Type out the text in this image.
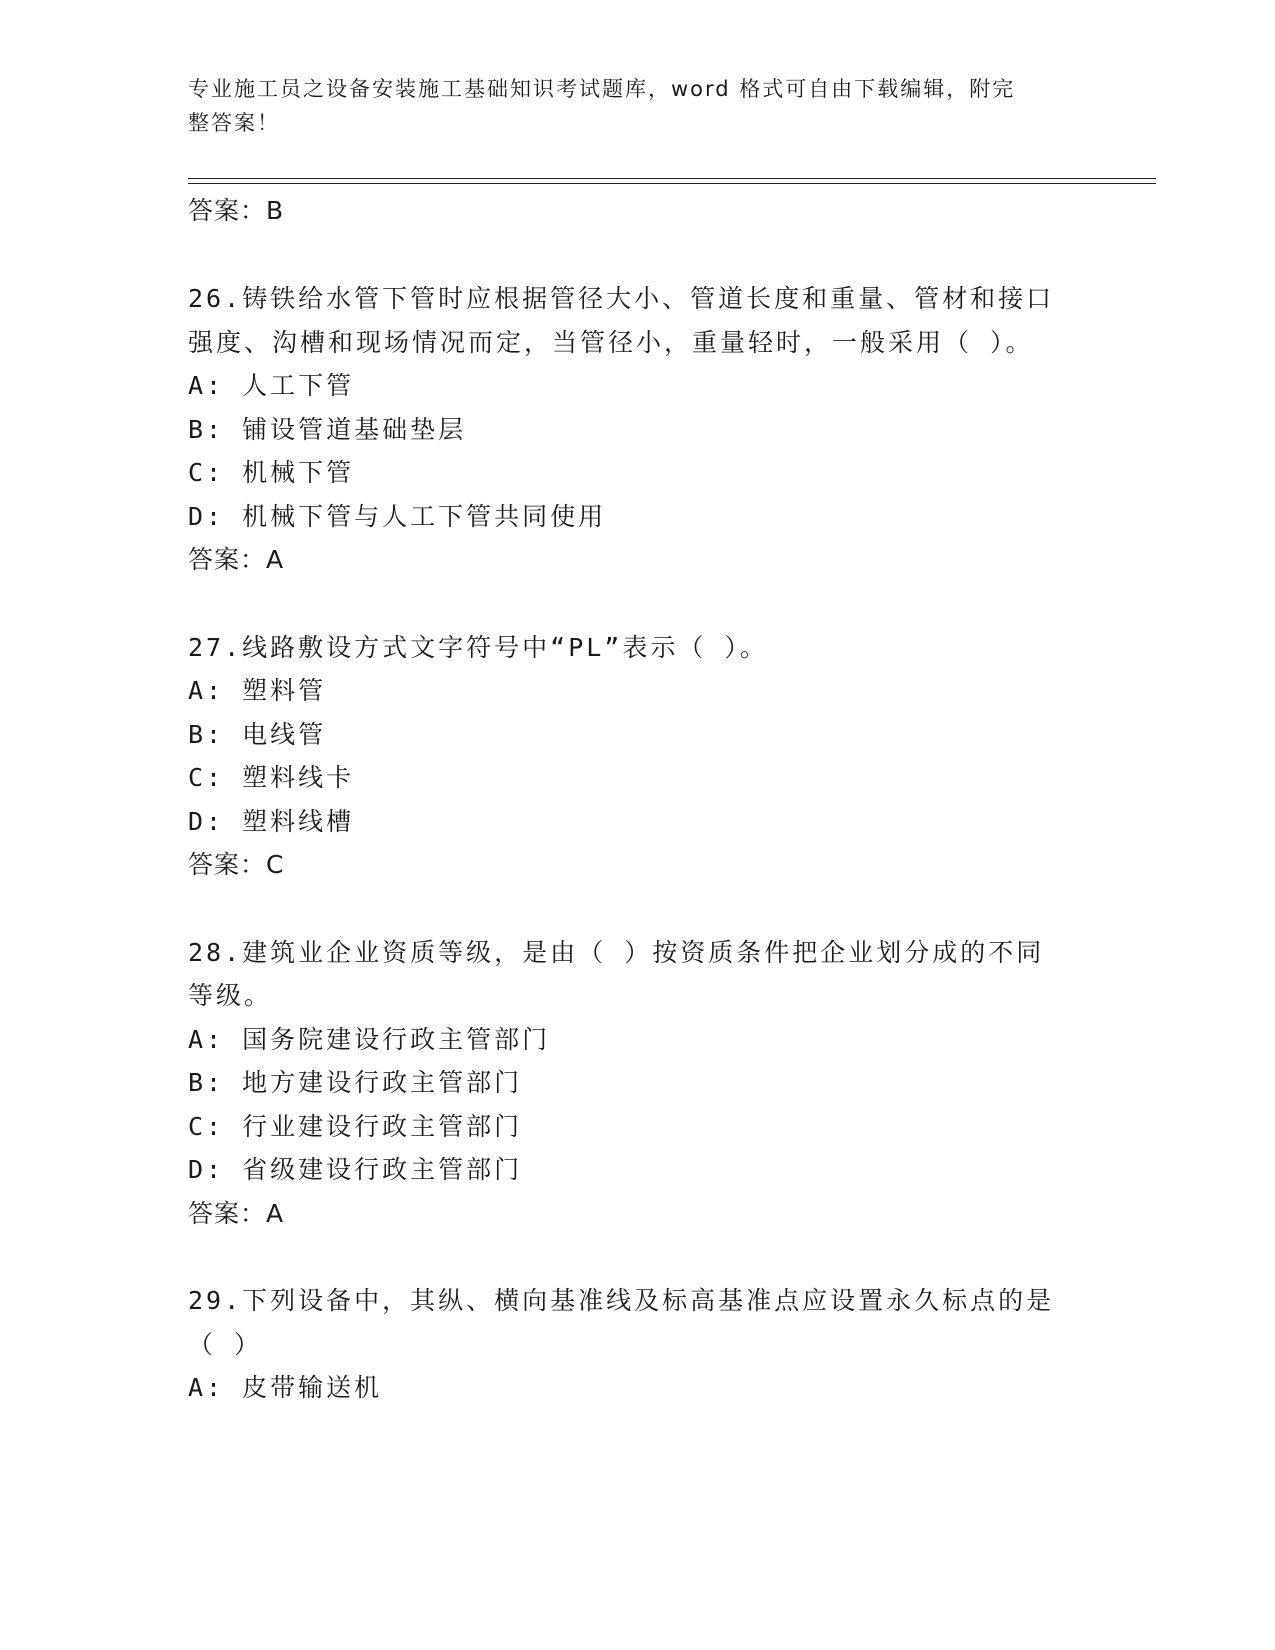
专业施工员之设备安装施工基础知识考试题库，word 格式可自由下载编辑，附完
整答案！
答案：B
26.铸铁给水管下管时应根据管径大小、管道长度和重量、管材和接口
强度、沟槽和现场情况而定，当管径小，重量轻时，一般采用（ ）。
A: 人工下管
B: 铺设管道基础垫层
C: 机械下管
D: 机械下管与人工下管共同使用
答案：A
27.线路敷设方式文字符号中“PL”表示（ ）。
A: 塑料管
B: 电线管
C: 塑料线卡
D: 塑料线槽
答案：C
28.建筑业企业资质等级，是由（ ）按资质条件把企业划分成的不同
等级。
A: 国务院建设行政主管部门
B: 地方建设行政主管部门
C: 行业建设行政主管部门
D: 省级建设行政主管部门
答案：A
29.下列设备中，其纵、横向基准线及标高基准点应设置永久标点的是
（ ）
A: 皮带输送机
